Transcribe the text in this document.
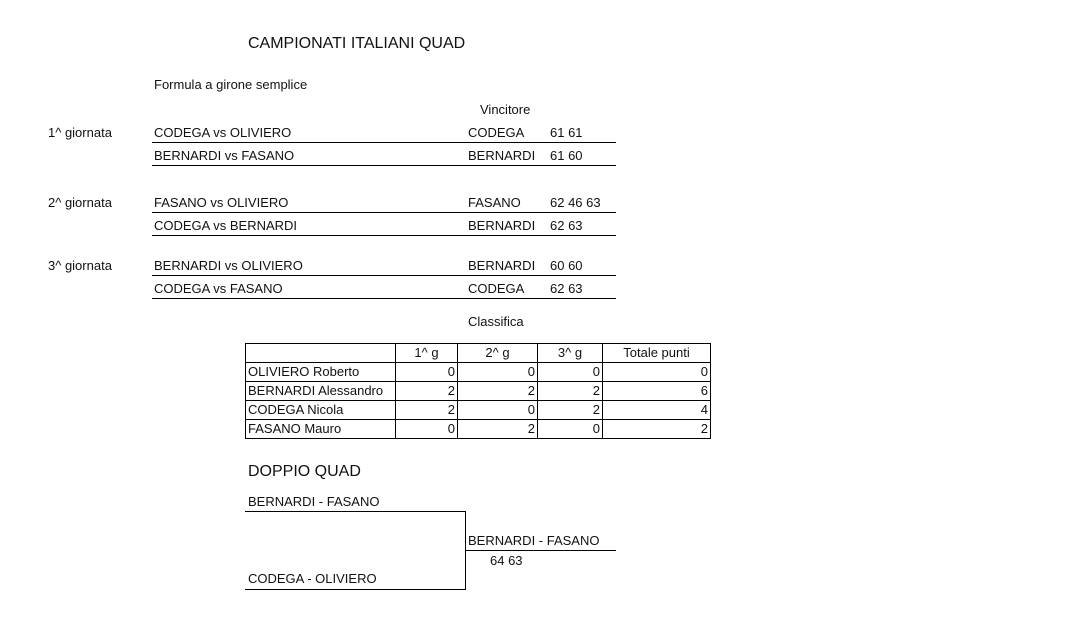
CAMPIONATI ITALIANI QUAD
Formula a girone semplice
Vincitore
1^ giornata	CODEGA vs OLIVIERO	CODEGA 61 61
BERNARDI vs FASANO	BERNARDI 61 60
2^ giornata	FASANO vs OLIVIERO	FASANO 62 46 63
CODEGA vs BERNARDI	BERNARDI 62 63
3^ giornata	BERNARDI vs OLIVIERO	BERNARDI 60 60
CODEGA vs FASANO	CODEGA 62 63
Classifica
	1^ g	2^ g	3^ g	Totale punti
OLIVIERO Roberto	0	0	0	0
BERNARDI Alessandro	2	2	2	6
CODEGA Nicola	2	0	2	4
FASANO Mauro	0	2	0	2
DOPPIO QUAD
BERNARDI - FASANO
CODEGA - OLIVIERO
BERNARDI - FASANO
64 63
